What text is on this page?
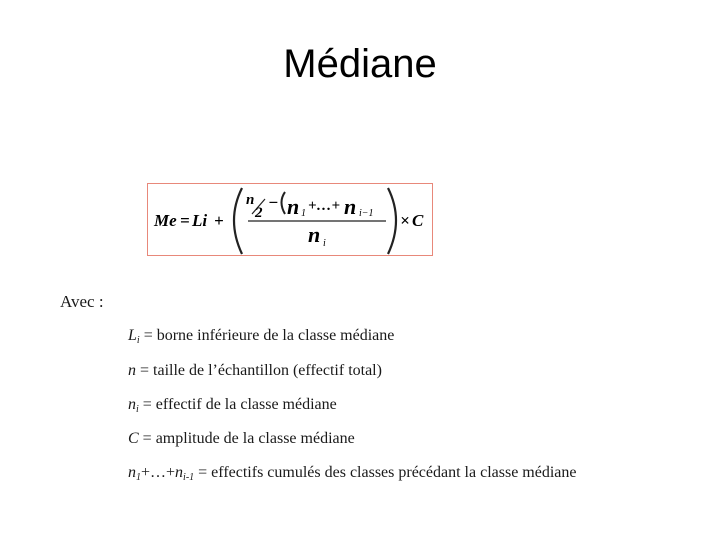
Médiane
Me = Li +
n
2
− n 1 +…+ n i−1
n i
× C
Avec :
$L_i$ = borne inférieure de la classe médiane
n = taille de l’échantillon (effectif total)
$n_i$ = effectif de la classe médiane
C = amplitude de la classe médiane
$n_1+\dots+n_{i-1}$ = effectifs cumulés des classes précédant la classe médiane
